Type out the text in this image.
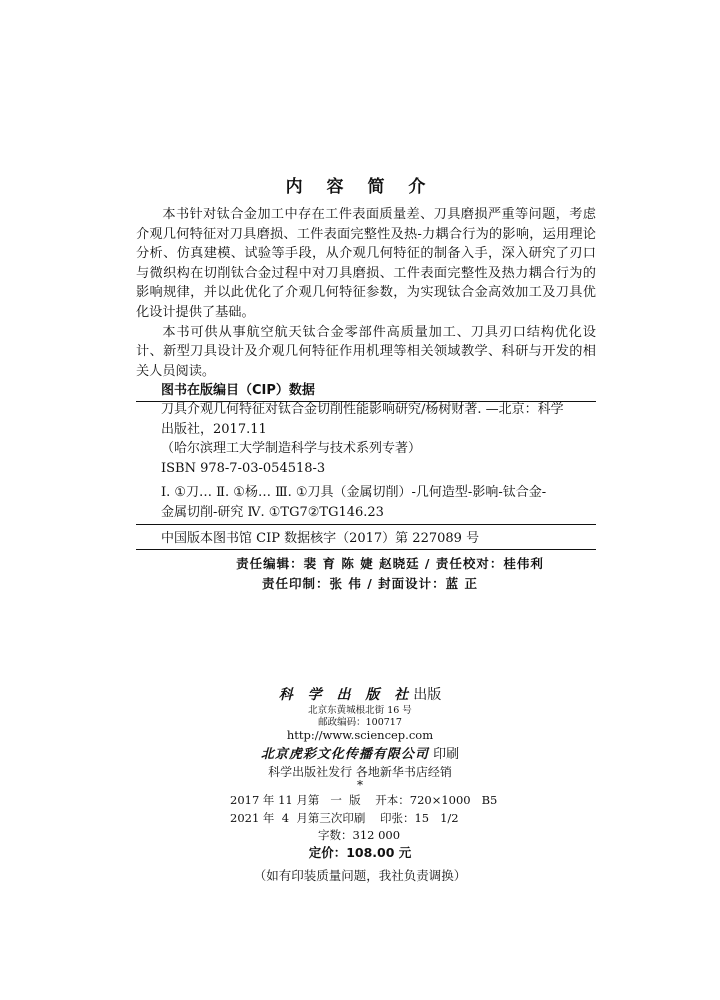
内 容 简 介

本书针对钛合金加工中存在工件表面质量差、刀具磨损严重等问题，考虑介观几何特征对刀具磨损、工件表面完整性及热-力耦合行为的影响，运用理论分析、仿真建模、试验等手段，从介观几何特征的制备入手，深入研究了刃口与微织构在切削钛合金过程中对刀具磨损、工件表面完整性及热力耦合行为的影响规律，并以此优化了介观几何特征参数，为实现钛合金高效加工及刀具优化设计提供了基础。

本书可供从事航空航天钛合金零部件高质量加工、刀具刃口结构优化设计、新型刀具设计及介观几何特征作用机理等相关领域教学、科研与开发的相关人员阅读。

图书在版编目（CIP）数据
刀具介观几何特征对钛合金切削性能影响研究/杨树财著. —北京：科学
出版社，2017.11
（哈尔滨理工大学制造科学与技术系列专著）
ISBN 978-7-03-054518-3
Ⅰ. ①刀… Ⅱ. ①杨… Ⅲ. ①刀具（金属切削）-几何造型-影响-钛合金-
金属切削-研究 Ⅳ. ①TG7②TG146.23
中国版本图书馆 CIP 数据核字（2017）第 227089 号
责任编辑：裴 育 陈 婕 赵晓廷 / 责任校对：桂伟利
责任印制：张 伟 / 封面设计：蓝 正
科 学 出 版 社出版
北京东黄城根北街 16 号
邮政编码：100717
http://www.sciencep.com
北京虎彩文化传播有限公司 印刷
科学出版社发行 各地新华书店经销
*
2017 年 11 月第   一  版    开本：720×1000   B5
2021 年  4  月第三次印刷    印张：15   1/2
字数：312 000
定价：108.00 元
（如有印装质量问题，我社负责调换）
